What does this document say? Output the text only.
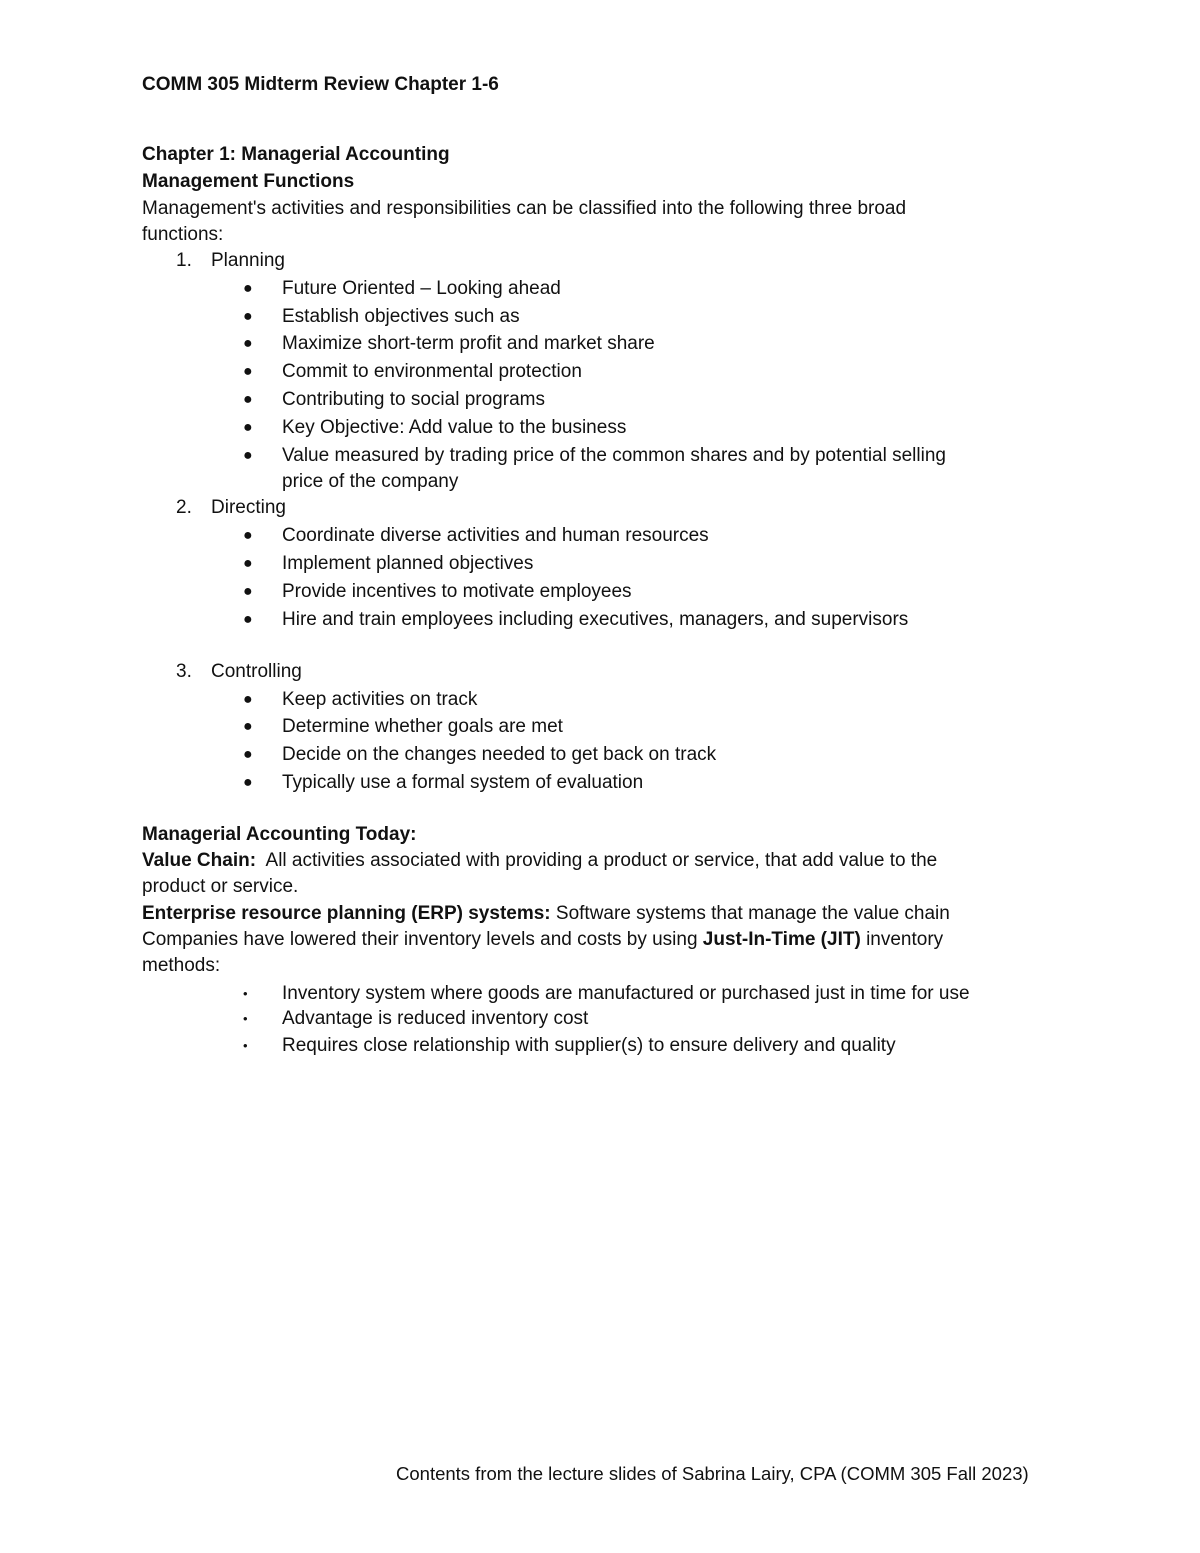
COMM 305 Midterm Review Chapter 1-6
Chapter 1: Managerial Accounting
Management Functions
Management's activities and responsibilities can be classified into the following three broad
functions:
1. Planning
● Future Oriented – Looking ahead
● Establish objectives such as
● Maximize short-term profit and market share
● Commit to environmental protection
● Contributing to social programs
● Key Objective: Add value to the business
● Value measured by trading price of the common shares and by potential selling
price of the company
2. Directing
● Coordinate diverse activities and human resources
● Implement planned objectives
● Provide incentives to motivate employees
● Hire and train employees including executives, managers, and supervisors
3. Controlling
● Keep activities on track
● Determine whether goals are met
● Decide on the changes needed to get back on track
● Typically use a formal system of evaluation
Managerial Accounting Today:
Value Chain:  All activities associated with providing a product or service, that add value to the
product or service.
Enterprise resource planning (ERP) systems: Software systems that manage the value chain
Companies have lowered their inventory levels and costs by using Just-In-Time (JIT) inventory
methods:
• Inventory system where goods are manufactured or purchased just in time for use
• Advantage is reduced inventory cost
• Requires close relationship with supplier(s) to ensure delivery and quality
Contents from the lecture slides of Sabrina Lairy, CPA (COMM 305 Fall 2023)
